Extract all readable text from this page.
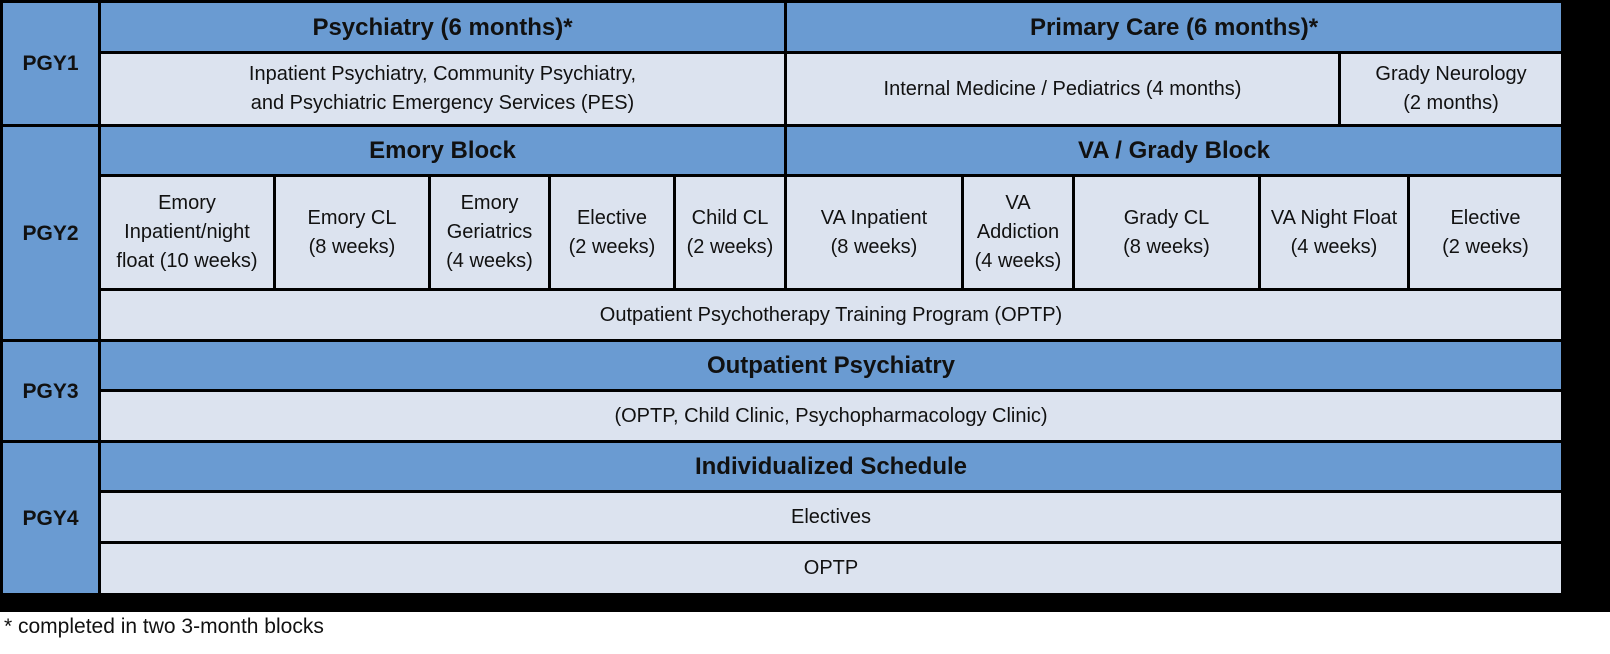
PGY1
PGY2
PGY3
PGY4
Psychiatry (6 months)*	Primary Care (6 months)*
Inpatient Psychiatry, Community Psychiatry,
and Psychiatric Emergency Services (PES)
Internal Medicine / Pediatrics (4 months)
Grady Neurology
(2 months)
Emory Block	VA / Grady Block
Emory
Inpatient/night
float (10 weeks)
Emory CL
(8 weeks)
Emory
Geriatrics
(4 weeks)
Elective
(2 weeks)
Child CL
(2 weeks)
VA Inpatient
(8 weeks)
VA
Addiction
(4 weeks)
Grady CL
(8 weeks)
VA Night Float
(4 weeks)
Elective
(2 weeks)
Outpatient Psychotherapy Training Program (OPTP)
Outpatient Psychiatry
(OPTP, Child Clinic, Psychopharmacology Clinic)
Individualized Schedule
Electives
OPTP
* completed in two 3-month blocks
